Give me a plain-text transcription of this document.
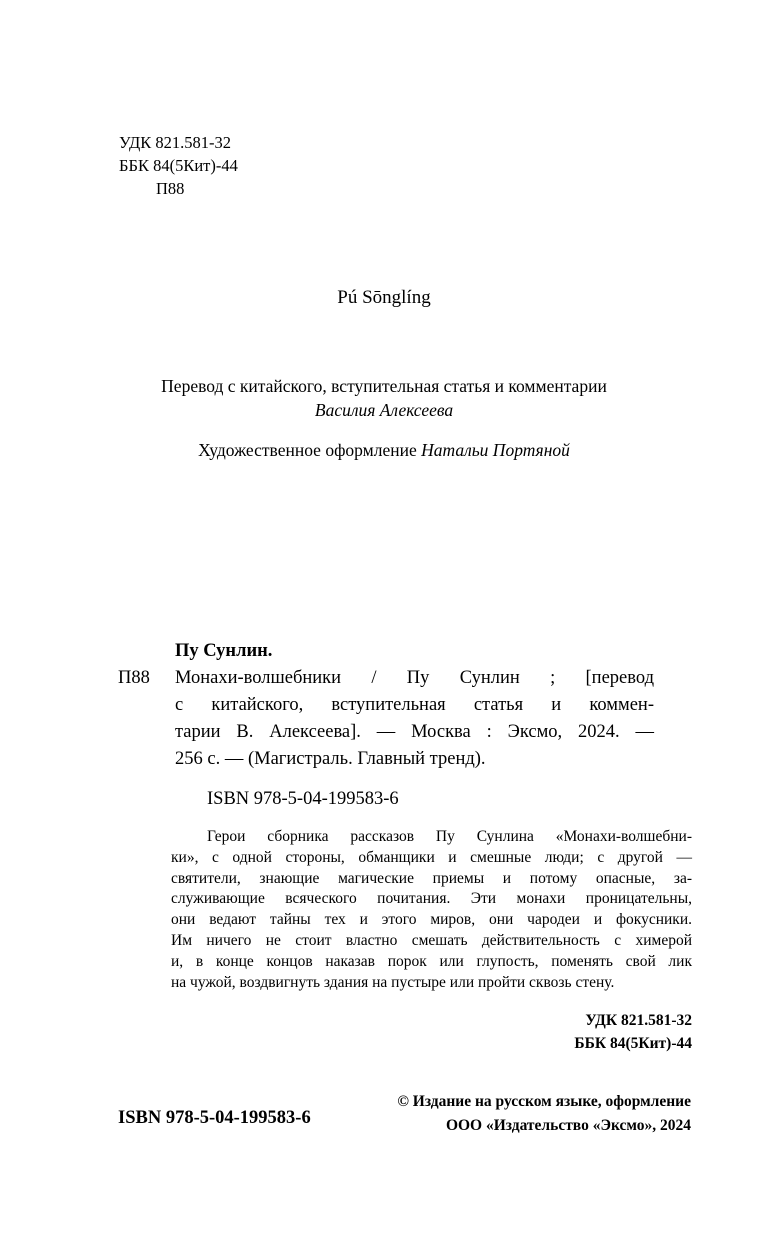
УДК 821.581-32
ББК 84(5Кит)-44
П88
Pú Sōnglíng
Перевод с китайского, вступительная статья и комментарии
Василия Алексеева
Художественное оформление Натальи Портяной
Пу Сунлин.
П88 Монахи-волшебники / Пу Сунлин ; [перевод
с китайского, вступительная статья и коммен-
тарии В. Алексеева]. — Москва : Эксмо, 2024. —
256 с. — (Магистраль. Главный тренд).
ISBN 978-5-04-199583-6
Герои сборника рассказов Пу Сунлина «Монахи-волшебни-
ки», с одной стороны, обманщики и смешные люди; с другой —
святители, знающие магические приемы и потому опасные, за-
служивающие всяческого почитания. Эти монахи проницательны,
они ведают тайны тех и этого миров, они чародеи и фокусники.
Им ничего не стоит властно смешать действительность с химерой
и, в конце концов наказав порок или глупость, поменять свой лик
на чужой, воздвигнуть здания на пустыре или пройти сквозь стену.
УДК 821.581-32
ББК 84(5Кит)-44
ISBN 978-5-04-199583-6
© Издание на русском языке, оформление
ООО «Издательство «Эксмо», 2024
